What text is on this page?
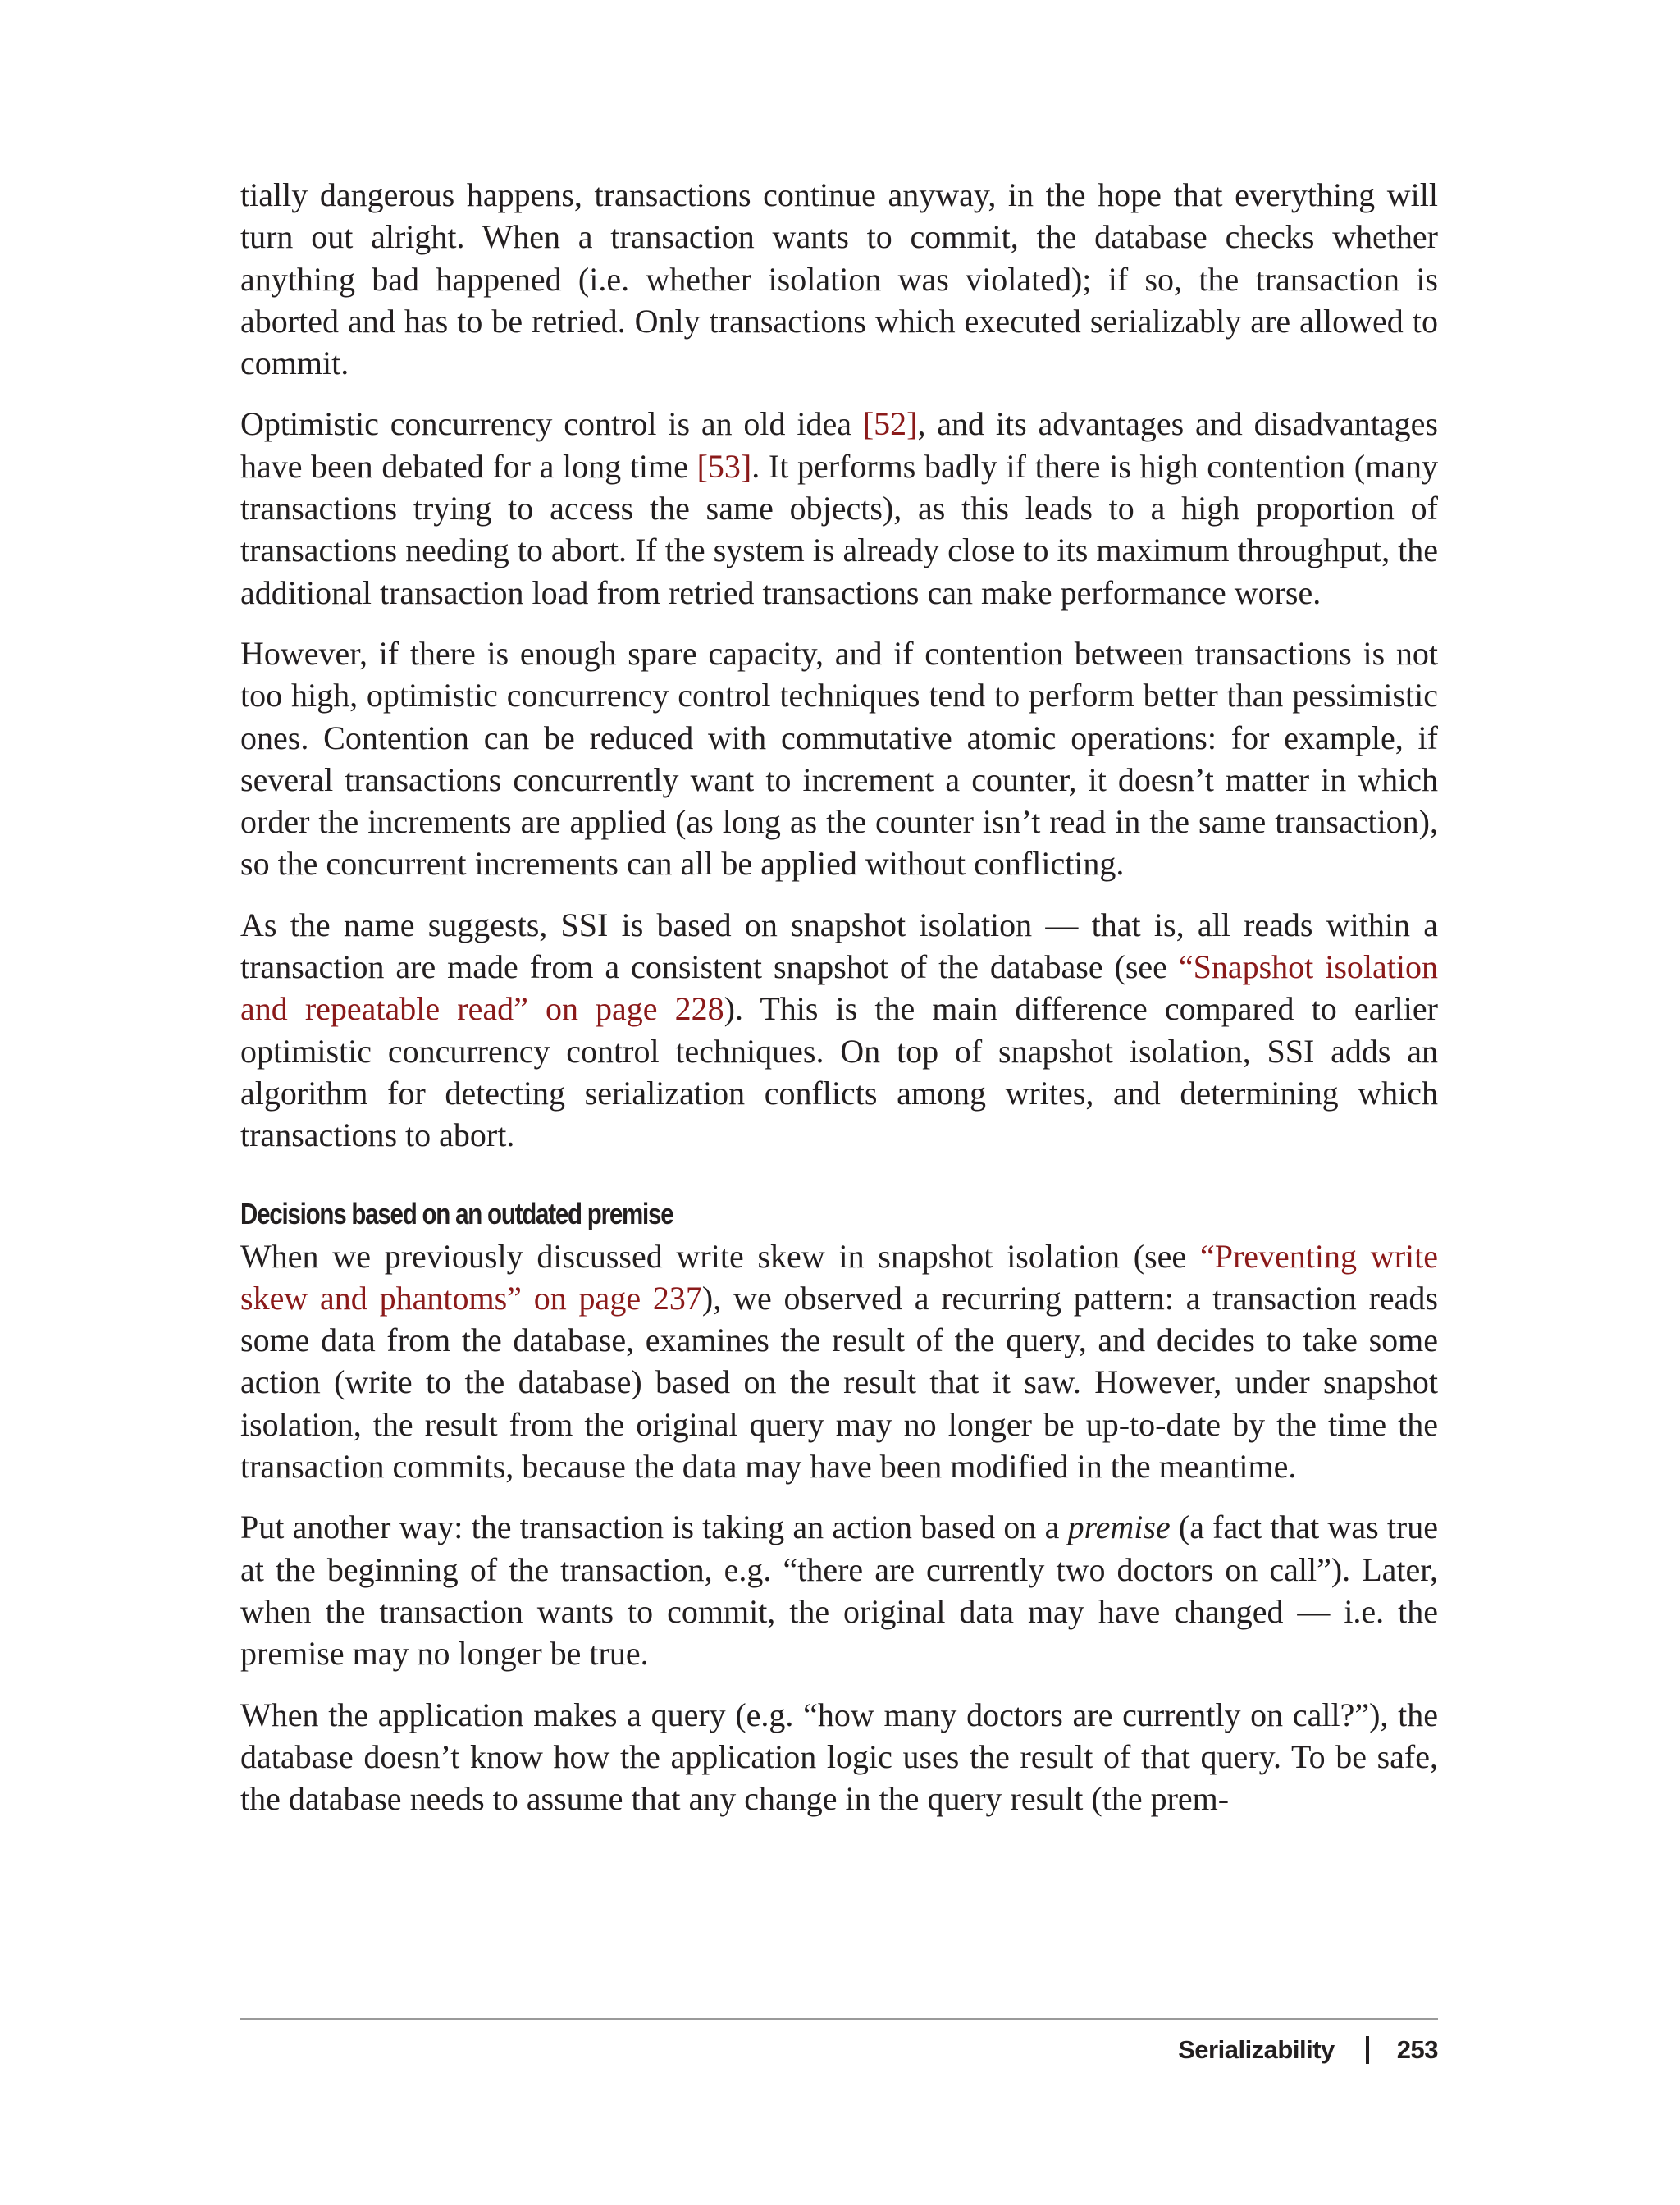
tially dangerous happens, transactions continue anyway, in the hope that everything will turn out alright. When a transaction wants to commit, the database checks whether anything bad happened (i.e. whether isolation was violated); if so, the transaction is aborted and has to be retried. Only transactions which executed serializably are allowed to commit.

Optimistic concurrency control is an old idea [52], and its advantages and disadvantages have been debated for a long time [53]. It performs badly if there is high contention (many transactions trying to access the same objects), as this leads to a high proportion of transactions needing to abort. If the system is already close to its maximum throughput, the additional transaction load from retried transactions can make performance worse.

However, if there is enough spare capacity, and if contention between transactions is not too high, optimistic concurrency control techniques tend to perform better than pessimistic ones. Contention can be reduced with commutative atomic operations: for example, if several transactions concurrently want to increment a counter, it doesn’t matter in which order the increments are applied (as long as the counter isn’t read in the same transaction), so the concurrent increments can all be applied without conflicting.

As the name suggests, SSI is based on snapshot isolation — that is, all reads within a transaction are made from a consistent snapshot of the database (see “Snapshot isolation and repeatable read” on page 228). This is the main difference compared to earlier optimistic concurrency control techniques. On top of snapshot isolation, SSI adds an algorithm for detecting serialization conflicts among writes, and determining which transactions to abort.

Decisions based on an outdated premise

When we previously discussed write skew in snapshot isolation (see “Preventing write skew and phantoms” on page 237), we observed a recurring pattern: a transaction reads some data from the database, examines the result of the query, and decides to take some action (write to the database) based on the result that it saw. However, under snapshot isolation, the result from the original query may no longer be up-to-date by the time the transaction commits, because the data may have been modified in the meantime.

Put another way: the transaction is taking an action based on a premise (a fact that was true at the beginning of the transaction, e.g. “there are currently two doctors on call”). Later, when the transaction wants to commit, the original data may have changed — i.e. the premise may no longer be true.

When the application makes a query (e.g. “how many doctors are currently on call?”), the database doesn’t know how the application logic uses the result of that query. To be safe, the database needs to assume that any change in the query result (the prem-

Serializability 253
